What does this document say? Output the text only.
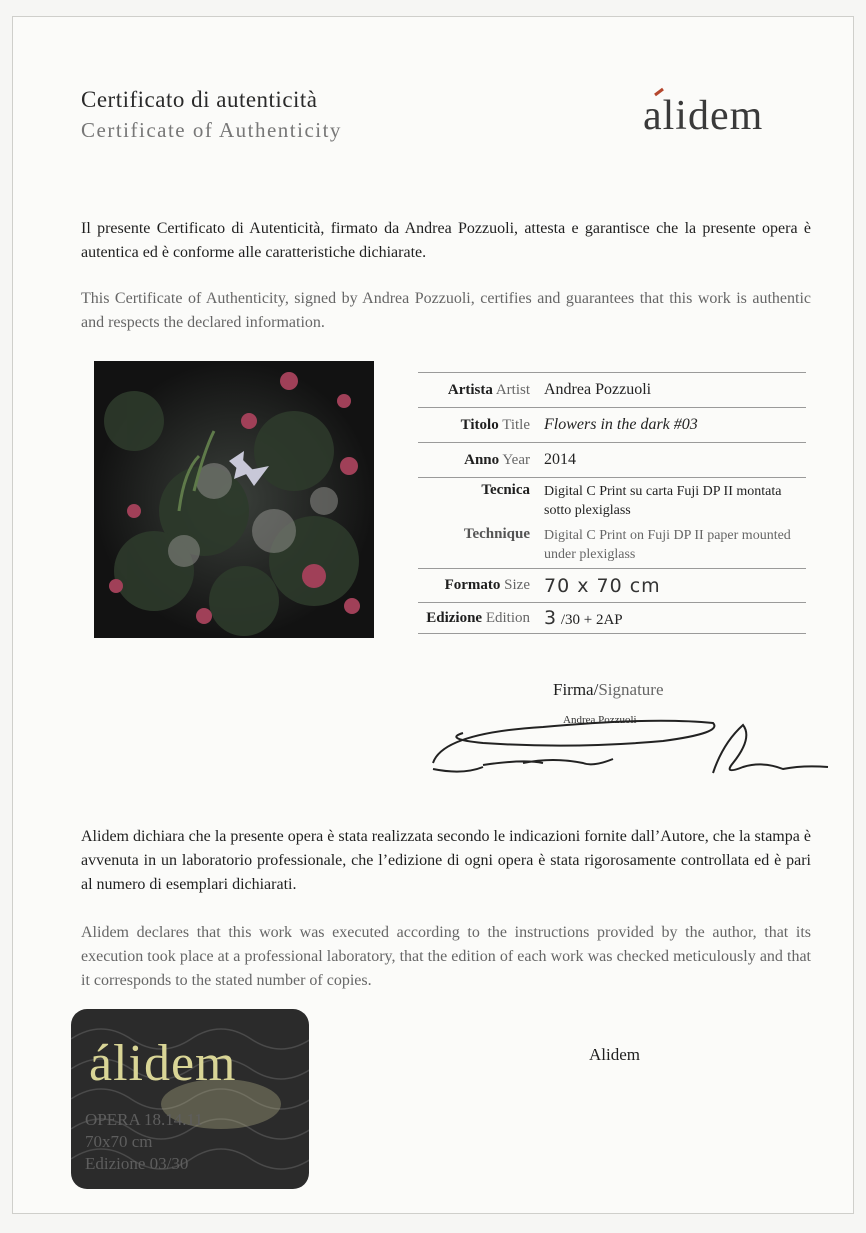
Certificato di autenticità
Certificate of Authenticity	alidem
Il presente Certificato di Autenticità, firmato da Andrea Pozzuoli, attesta e garantisce che la presente opera è autentica ed è conforme alle caratteristiche dichiarate.
This Certificate of Authenticity, signed by Andrea Pozzuoli, certifies and guarantees that this work is authentic and respects the declared information.
Artista Artist Andrea Pozzuoli
Titolo Title Flowers in the dark #03
Anno Year 2014
Tecnica	Digital C Print su carta Fuji DP II montata sotto plexiglass
Technique	Digital C Print on Fuji DP II paper mounted under plexiglass
Formato Size 70 x 70 cm
Edizione Edition 3 /30 + 2AP
Firma/Signature
Andrea Pozzuoli
Alidem dichiara che la presente opera è stata realizzata secondo le indicazioni fornite dall’Autore, che la stampa è avvenuta in un laboratorio professionale, che l’edizione di ogni opera è stata rigorosamente controllata ed è pari al numero di esemplari dichiarati.
Alidem declares that this work was executed according to the instructions provided by the author, that its execution took place at a professional laboratory, that the edition of each work was checked meticulously and that it corresponds to the stated number of copies.
álidem
OPERA 18.14.11
70x70 cm
Edizione 03/30
Alidem
